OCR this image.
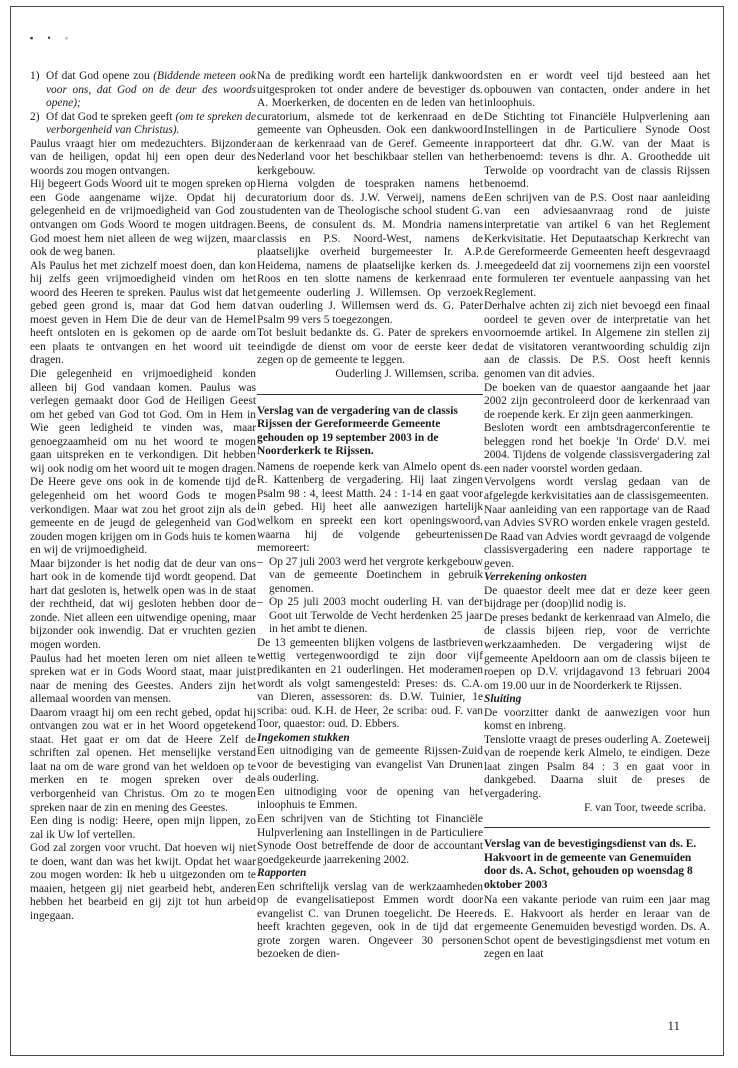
▪ • ◦
1) Of dat God opene zou (Biddende meteen ook voor ons, dat God on de deur des woords opene);
2) Of dat God te spreken geeft (om te spreken de verborgenheid van Christus).

Paulus vraagt hier om medezuchters. Bijzonder van de heiligen, opdat hij een open deur des woords zou mogen ontvangen.

Hij begeert Gods Woord uit te mogen spreken op een Gode aangename wijze. Opdat hij de gelegenheid en de vrijmoedigheid van God zou ontvangen om Gods Woord te mogen uitdragen. God moest hem niet alleen de weg wijzen, maar ook de weg banen.

Als Paulus het met zichzelf moest doen, dan kon hij zelfs geen vrijmoedigheid vinden om het woord des Heeren te spreken. Paulus wist dat het gebed geen grond is, maar dat God hem dat moest geven in Hem Die de deur van de Hemel heeft ontsloten en is gekomen op de aarde om een plaats te ontvangen en het woord uit te dragen.

Die gelegenheid en vrijmoedigheid konden alleen bij God vandaan komen. Paulus was verlegen gemaakt door God de Heiligen Geest om het gebed van God tot God. Om in Hem in Wie geen ledigheid te vinden was, maar genoegzaamheid om nu het woord te mogen gaan uitspreken en te verkondigen. Dit hebben wij ook nodig om het woord uit te mogen dragen.

De Heere geve ons ook in de komende tijd de gelegenheid om het woord Gods te mogen verkondigen. Maar wat zou het groot zijn als de gemeente en de jeugd de gelegenheid van God zouden mogen krijgen om in Gods huis te komen en wij de vrijmoedigheid.

Maar bijzonder is het nodig dat de deur van ons hart ook in de komende tijd wordt geopend. Dat hart dat gesloten is, hetwelk open was in de staat der rechtheid, dat wij gesloten hebben door de zonde. Niet alleen een uitwendige opening, maar bijzonder ook inwendig. Dat er vruchten gezien mogen worden.

Paulus had het moeten leren om niet alleen te spreken wat er in Gods Woord staat, maar juist naar de mening des Geestes. Anders zijn het allemaal woorden van mensen.

Daarom vraagt hij om een recht gebed, opdat hij ontvangen zou wat er in het Woord opgetekend staat. Het gaat er om dat de Heere Zelf de schriften zal openen. Het menselijke verstand laat na om de ware grond van het weldoen op te merken en te mogen spreken over de verborgenheid van Christus. Om zo te mogen spreken naar de zin en mening des Geestes.

Een ding is nodig: Heere, open mijn lippen, zo zal ik Uw lof vertellen.

God zal zorgen voor vrucht. Dat hoeven wij niet te doen, want dan was het kwijt. Opdat het waar zou mogen worden: Ik heb u uitgezonden om te maaien, hetgeen gij niet gearbeid hebt, anderen hebben het bearbeid en gij zijt tot hun arbeid ingegaan.

Na de prediking wordt een hartelijk dankwoord uitgesproken tot onder andere de bevestiger ds. A. Moerkerken, de docenten en de leden van het curatorium, alsmede tot de kerkenraad en de gemeente van Opheusden. Ook een dankwoord aan de kerkenraad van de Geref. Gemeente in Nederland voor het beschikbaar stellen van het kerkgebouw.

Hierna volgden de toespraken namens het curatorium door ds. J.W. Verweij, namens de studenten van de Theologische school student G. Beens, de consulent ds. M. Mondria namens classis en P.S. Noord-West, namens de plaatselijke overheid burgemeester Ir. A.P. Heidema, namens de plaatselijke kerken ds. J. Roos en ten slotte namens de kerkenraad en gemeente ouderling J. Willemsen. Op verzoek van ouderling J. Willemsen werd ds. G. Pater Psalm 99 vers 5 toegezongen.

Tot besluit bedankte ds. G. Pater de sprekers en eindigde de dienst om voor de eerste keer de zegen op de gemeente te leggen.

Ouderling J. Willemsen, scriba.

Verslag van de vergadering van de classis Rijssen der Gereformeerde Gemeente gehouden op 19 september 2003 in de Noorderkerk te Rijssen.

Namens de roepende kerk van Almelo opent ds. R. Kattenberg de vergadering. Hij laat zingen Psalm 98 : 4, leest Matth. 24 : 1-14 en gaat voor in gebed. Hij heet alle aanwezigen hartelijk welkom en spreekt een kort openingswoord, waarna hij de volgende gebeurtenissen memoreert:

– Op 27 juli 2003 werd het vergrote kerkgebouw van de gemeente Doetinchem in gebruik genomen.
– Op 25 juli 2003 mocht ouderling H. van der Goot uit Terwolde de Vecht herdenken 25 jaar in het ambt te dienen.

De 13 gemeenten blijken volgens de lastbrieven wettig vertegenwoordigd te zijn door vijf predikanten en 21 ouderlingen. Het moderamen wordt als volgt samengesteld: Preses: ds. C.A. van Dieren, assessoren: ds. D.W. Tuinier, 1e scriba: oud. K.H. de Heer, 2e scriba: oud. F. van Toor, quaestor: oud. D. Ebbers.

Ingekomen stukken

Een uitnodiging van de gemeente Rijssen-Zuid voor de bevestiging van evangelist Van Drunen als ouderling.

Een uitnodiging voor de opening van het inloophuis te Emmen.

Een schrijven van de Stichting tot Financiële Hulpverlening aan Instellingen in de Particuliere Synode Oost betreffende de door de accountant goedgekeurde jaarrekening 2002.

Rapporten

Een schriftelijk verslag van de werkzaamheden op de evangelisatiepost Emmen wordt door evangelist C. van Drunen toegelicht. De Heere heeft krachten gegeven, ook in de tijd dat er grote zorgen waren. Ongeveer 30 personen bezoeken de dien-

sten en er wordt veel tijd besteed aan het opbouwen van contacten, onder andere in het inloophuis.

De Stichting tot Financiële Hulpverlening aan Instellingen in de Particuliere Synode Oost rapporteert dat dhr. G.W. van der Maat is herbenoemd: tevens is dhr. A. Groothedde uit Terwolde op voordracht van de classis Rijssen benoemd.

Een schrijven van de P.S. Oost naar aanleiding van een adviesaanvraag rond de juiste interpretatie van artikel 6 van het Reglement Kerkvisitatie. Het Deputaatschap Kerkrecht van de Gereformeerde Gemeenten heeft desgevraagd meegedeeld dat zij voornemens zijn een voorstel te formuleren ter eventuele aanpassing van het Reglement.

Derhalve achten zij zich niet bevoegd een finaal oordeel te geven over de interpretatie van het voornoemde artikel. In Algemene zin stellen zij dat de visitatoren verantwoording schuldig zijn aan de classis. De P.S. Oost heeft kennis genomen van dit advies.

De boeken van de quaestor aangaande het jaar 2002 zijn gecontroleerd door de kerkenraad van de roepende kerk. Er zijn geen aanmerkingen.

Besloten wordt een ambtsdragerconferentie te beleggen rond het boekje 'In Orde' D.V. mei 2004. Tijdens de volgende classisvergadering zal een nader voorstel worden gedaan.

Vervolgens wordt verslag gedaan van de afgelegde kerkvisitaties aan de classisgemeenten.

Naar aanleiding van een rapportage van de Raad van Advies SVRO worden enkele vragen gesteld. De Raad van Advies wordt gevraagd de volgende classisvergadering een nadere rapportage te geven.

Verrekening onkosten

De quaestor deelt mee dat er deze keer geen bijdrage per (doop)lid nodig is.

De preses bedankt de kerkenraad van Almelo, die de classis bijeen riep, voor de verrichte werkzaamheden. De vergadering wijst de gemeente Apeldoorn aan om de classis bijeen te roepen op D.V. vrijdagavond 13 februari 2004 om 19.00 uur in de Noorderkerk te Rijssen.

Sluiting

De voorzitter dankt de aanwezigen voor hun komst en inbreng.

Tenslotte vraagt de preses ouderling A. Zoeteweij van de roepende kerk Almelo, te eindigen. Deze laat zingen Psalm 84 : 3 en gaat voor in dankgebed. Daarna sluit de preses de vergadering.

F. van Toor, tweede scriba.

Verslag van de bevestigingsdienst van ds. E. Hakvoort in de gemeente van Genemuiden door ds. A. Schot, gehouden op woensdag 8 oktober 2003

Na een vakante periode van ruim een jaar mag ds. E. Hakvoort als herder en leraar van de gemeente Genemuiden bevestigd worden. Ds. A. Schot opent de bevestigingsdienst met votum en zegen en laat

11
